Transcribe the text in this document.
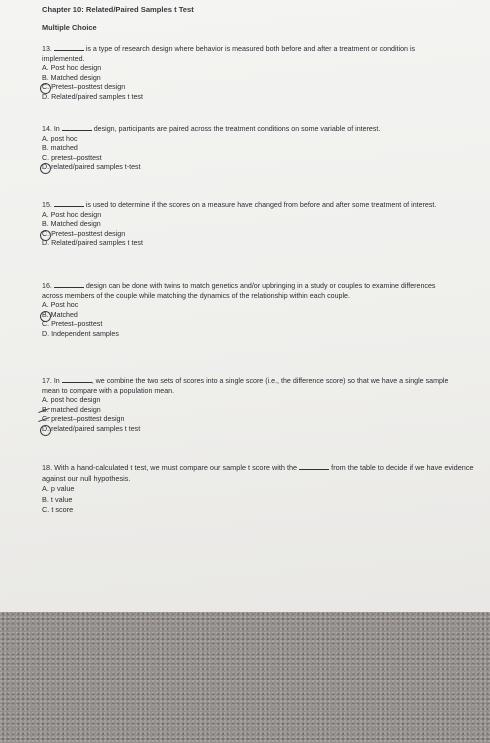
Chapter 10: Related/Paired Samples t Test
Multiple Choice

13.	is a type of research design where behavior is measured both before and after a treatment or condition is implemented.

A. Post hoc design
B. Matched design
C. Pretest–posttest design
D. Related/paired samples t test

14. In	design, participants are paired across the treatment conditions on some variable of interest.

A. post hoc
B. matched
C. pretest–posttest
D. related/paired samples t-test

15.	is used to determine if the scores on a measure have changed from before and after some treatment of interest.

A. Post hoc design
B. Matched design
C. Pretest–posttest design
D. Related/paired samples t test

16.	design can be done with twins to match genetics and/or upbringing in a study or couples to examine differences across members of the couple while matching the dynamics of the relationship within each couple.

A. Post hoc
B. Matched
C. Pretest–posttest
D. Independent samples

17. In	, we combine the two sets of scores into a single score (i.e., the difference score) so that we have a single sample mean to compare with a population mean.

A. post hoc design
B. matched design
C. pretest–posttest design
D. related/paired samples t test

18. With a hand-calculated t test, we must compare our sample t score with the	from the table to decide if we have evidence against our null hypothesis.

A. p value
B. t value
C. t score
